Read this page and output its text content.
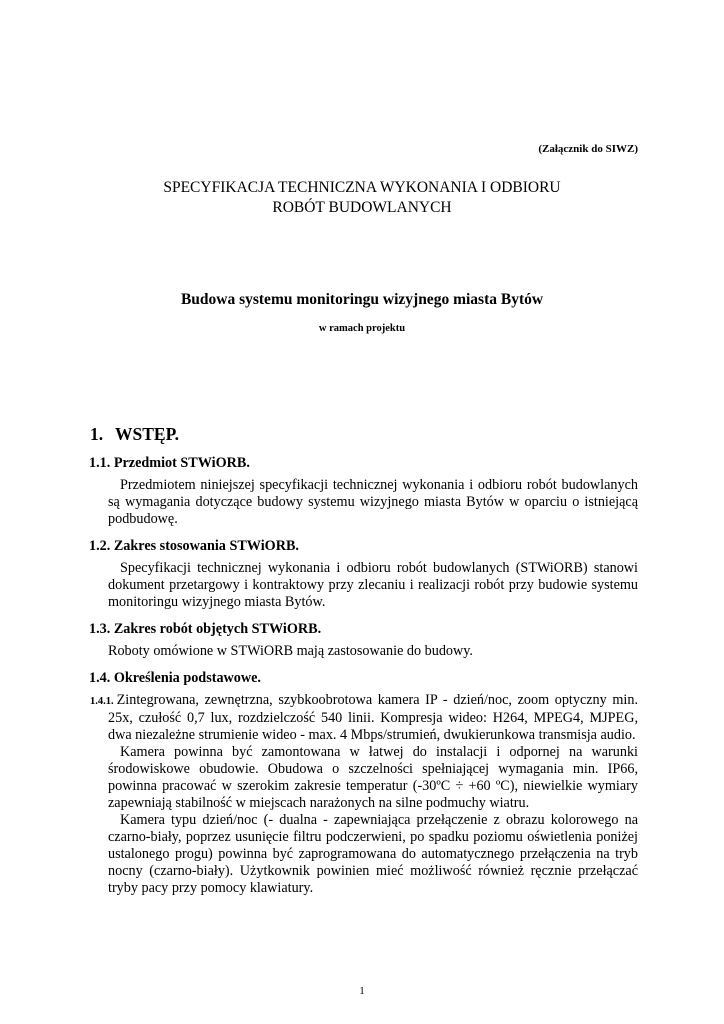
(Załącznik do SIWZ)
SPECYFIKACJA TECHNICZNA WYKONANIA I ODBIORU
ROBÓT BUDOWLANYCH
Budowa systemu monitoringu wizyjnego miasta Bytów
w ramach projektu
1. WSTĘP.
1.1. Przedmiot STWiORB.
Przedmiotem niniejszej specyfikacji technicznej wykonania i odbioru robót budowlanych są wymagania dotyczące budowy systemu wizyjnego miasta Bytów w oparciu o istniejącą podbudowę.
1.2. Zakres stosowania STWiORB.
Specyfikacji technicznej wykonania i odbioru robót budowlanych (STWiORB) stanowi dokument przetargowy i kontraktowy przy zlecaniu i realizacji robót przy budowie systemu monitoringu wizyjnego miasta Bytów.
1.3. Zakres robót objętych STWiORB.
Roboty omówione w STWiORB mają zastosowanie do budowy.
1.4. Określenia podstawowe.
1.4.1. Zintegrowana, zewnętrzna, szybkoobrotowa kamera IP - dzień/noc, zoom optyczny min. 25x, czułość 0,7 lux, rozdzielczość 540 linii. Kompresja wideo: H264, MPEG4, MJPEG, dwa niezależne strumienie wideo - max. 4 Mbps/strumień, dwukierunkowa transmisja audio.
Kamera powinna być zamontowana w łatwej do instalacji i odpornej na warunki środowiskowe obudowie. Obudowa o szczelności spełniającej wymagania min. IP66, powinna pracować w szerokim zakresie temperatur (-30ºC ÷ +60 ºC), niewielkie wymiary zapewniają stabilność w miejscach narażonych na silne podmuchy wiatru.
Kamera typu dzień/noc (- dualna - zapewniająca przełączenie z obrazu kolorowego na czarno-biały, poprzez usunięcie filtru podczerwieni, po spadku poziomu oświetlenia poniżej ustalonego progu) powinna być zaprogramowana do automatycznego przełączenia na tryb nocny (czarno-biały). Użytkownik powinien mieć możliwość również ręcznie przełączać tryby pacy przy pomocy klawiatury.
1
